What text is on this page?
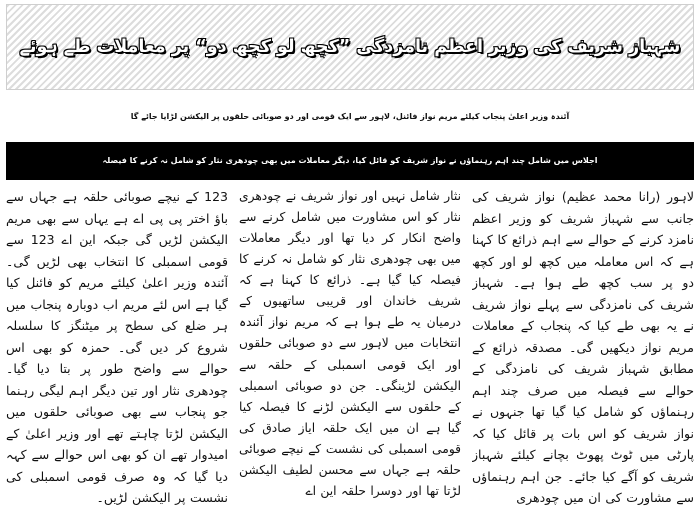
شہباز شریف کی وزیر اعظم نامزدگی ”کچھ لو کچھ دو“ پر معاملات طے ہوئے
آئندہ وزیر اعلیٰ پنجاب کیلئے مریم نواز فائنل، لاہور سے ایک قومی اور دو صوبائی حلقوں پر الیکشن لڑایا جائے گا
اجلاس میں شامل چند اہم رہنماؤں نے نواز شریف کو قائل کیا، دیگر معاملات میں بھی چودھری نثار کو شامل نہ کرنے کا فیصلہ

لاہور (رانا محمد عظیم) نواز شریف کی جانب سے شہباز شریف کو وزیر اعظم نامزد کرنے کے حوالے سے اہم ذرائع کا کہنا ہے کہ اس معاملہ میں کچھ لو اور کچھ دو پر سب کچھ طے ہوا ہے۔ شہباز شریف کی نامزدگی سے پہلے نواز شریف نے یہ بھی طے کیا کہ پنجاب کے معاملات مریم نواز دیکھیں گی۔ مصدقہ ذرائع کے مطابق شہباز شریف کی نامزدگی کے حوالے سے فیصلہ میں صرف چند اہم رہنماؤں کو شامل کیا گیا تھا جنہوں نے نواز شریف کو اس بات پر قائل کیا کہ پارٹی میں ٹوٹ پھوٹ بچانے کیلئے شہباز شریف کو آگے کیا جائے۔ جن اہم رہنماؤں سے مشاورت کی ان میں چودھری

نثار شامل نہیں اور نواز شریف نے چودھری نثار کو اس مشاورت میں شامل کرنے سے واضح انکار کر دیا تھا اور دیگر معاملات میں بھی چودھری نثار کو شامل نہ کرنے کا فیصلہ کیا گیا ہے۔ ذرائع کا کہنا ہے کہ شریف خاندان اور قریبی ساتھیوں کے درمیان یہ طے ہوا ہے کہ مریم نواز آئندہ انتخابات میں لاہور سے دو صوبائی حلقوں اور ایک قومی اسمبلی کے حلقہ سے الیکشن لڑینگی۔ جن دو صوبائی اسمبلی کے حلقوں سے الیکشن لڑنے کا فیصلہ کیا گیا ہے ان میں ایک حلقہ ایاز صادق کی قومی اسمبلی کی نشست کے نیچے صوبائی حلقہ ہے جہاں سے محسن لطیف الیکشن لڑتا تھا اور دوسرا حلقہ این اے

123 کے نیچے صوبائی حلقہ ہے جہاں سے باؤ اختر پی پی اے ہے یہاں سے بھی مریم الیکشن لڑیں گی جبکہ این اے 123 سے قومی اسمبلی کا انتخاب بھی لڑیں گی۔ آئندہ وزیر اعلیٰ کیلئے مریم کو فائنل کیا گیا ہے اس لئے مریم اب دوبارہ پنجاب میں ہر ضلع کی سطح پر میٹنگز کا سلسلہ شروع کر دیں گی۔ حمزہ کو بھی اس حوالے سے واضح طور پر بتا دیا گیا۔ چودھری نثار اور تین دیگر اہم لیگی رہنما جو پنجاب سے بھی صوبائی حلقوں میں الیکشن لڑتا چاہتے تھے اور وزیر اعلیٰ کے امیدوار تھے ان کو بھی اس حوالے سے کہہ دیا گیا کہ وہ صرف قومی اسمبلی کی نشست پر الیکشن لڑیں۔
